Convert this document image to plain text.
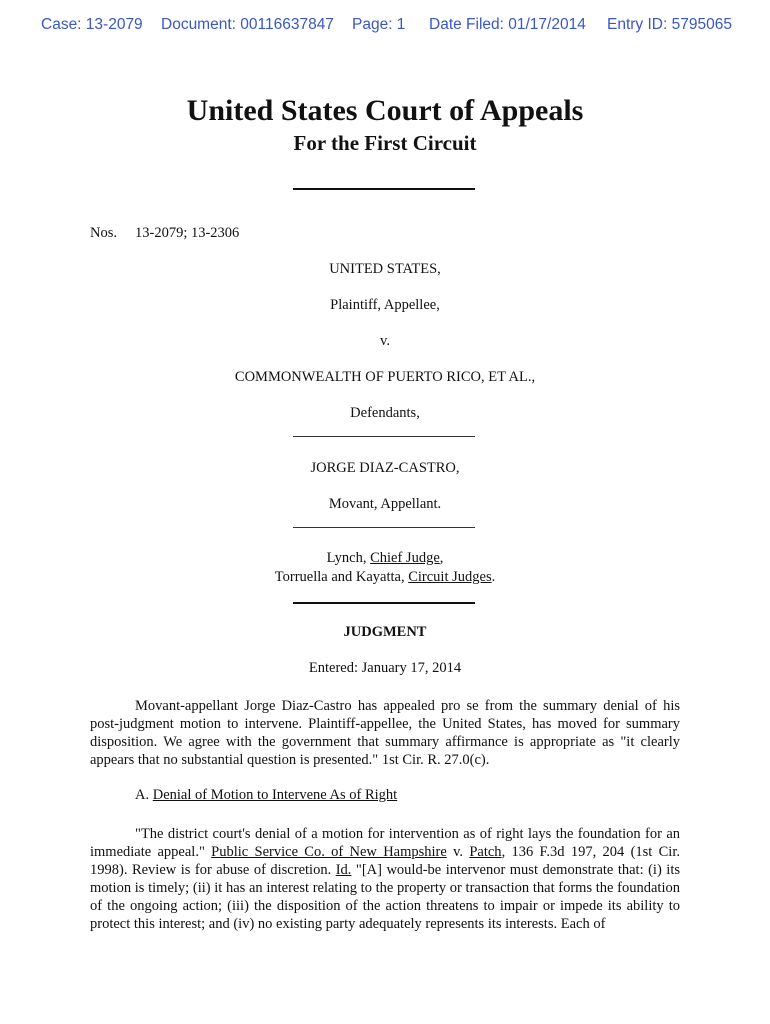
Case: 13-2079 Document: 00116637847 Page: 1 Date Filed: 01/17/2014 Entry ID: 5795065
United States Court of Appeals
For the First Circuit
Nos. 13-2079; 13-2306
UNITED STATES,
Plaintiff, Appellee,
v.
COMMONWEALTH OF PUERTO RICO, ET AL.,
Defendants,
JORGE DIAZ-CASTRO,
Movant, Appellant.
Lynch, Chief Judge,
Torruella and Kayatta, Circuit Judges.
JUDGMENT
Entered: January 17, 2014

Movant-appellant Jorge Diaz-Castro has appealed pro se from the summary denial of his post-judgment motion to intervene. Plaintiff-appellee, the United States, has moved for summary disposition. We agree with the government that summary affirmance is appropriate as "it clearly appears that no substantial question is presented." 1st Cir. R. 27.0(c).

A. Denial of Motion to Intervene As of Right

"The district court's denial of a motion for intervention as of right lays the foundation for an immediate appeal." Public Service Co. of New Hampshire v. Patch, 136 F.3d 197, 204 (1st Cir. 1998). Review is for abuse of discretion. Id. "[A] would-be intervenor must demonstrate that: (i) its motion is timely; (ii) it has an interest relating to the property or transaction that forms the foundation of the ongoing action; (iii) the disposition of the action threatens to impair or impede its ability to protect this interest; and (iv) no existing party adequately represents its interests. Each of
